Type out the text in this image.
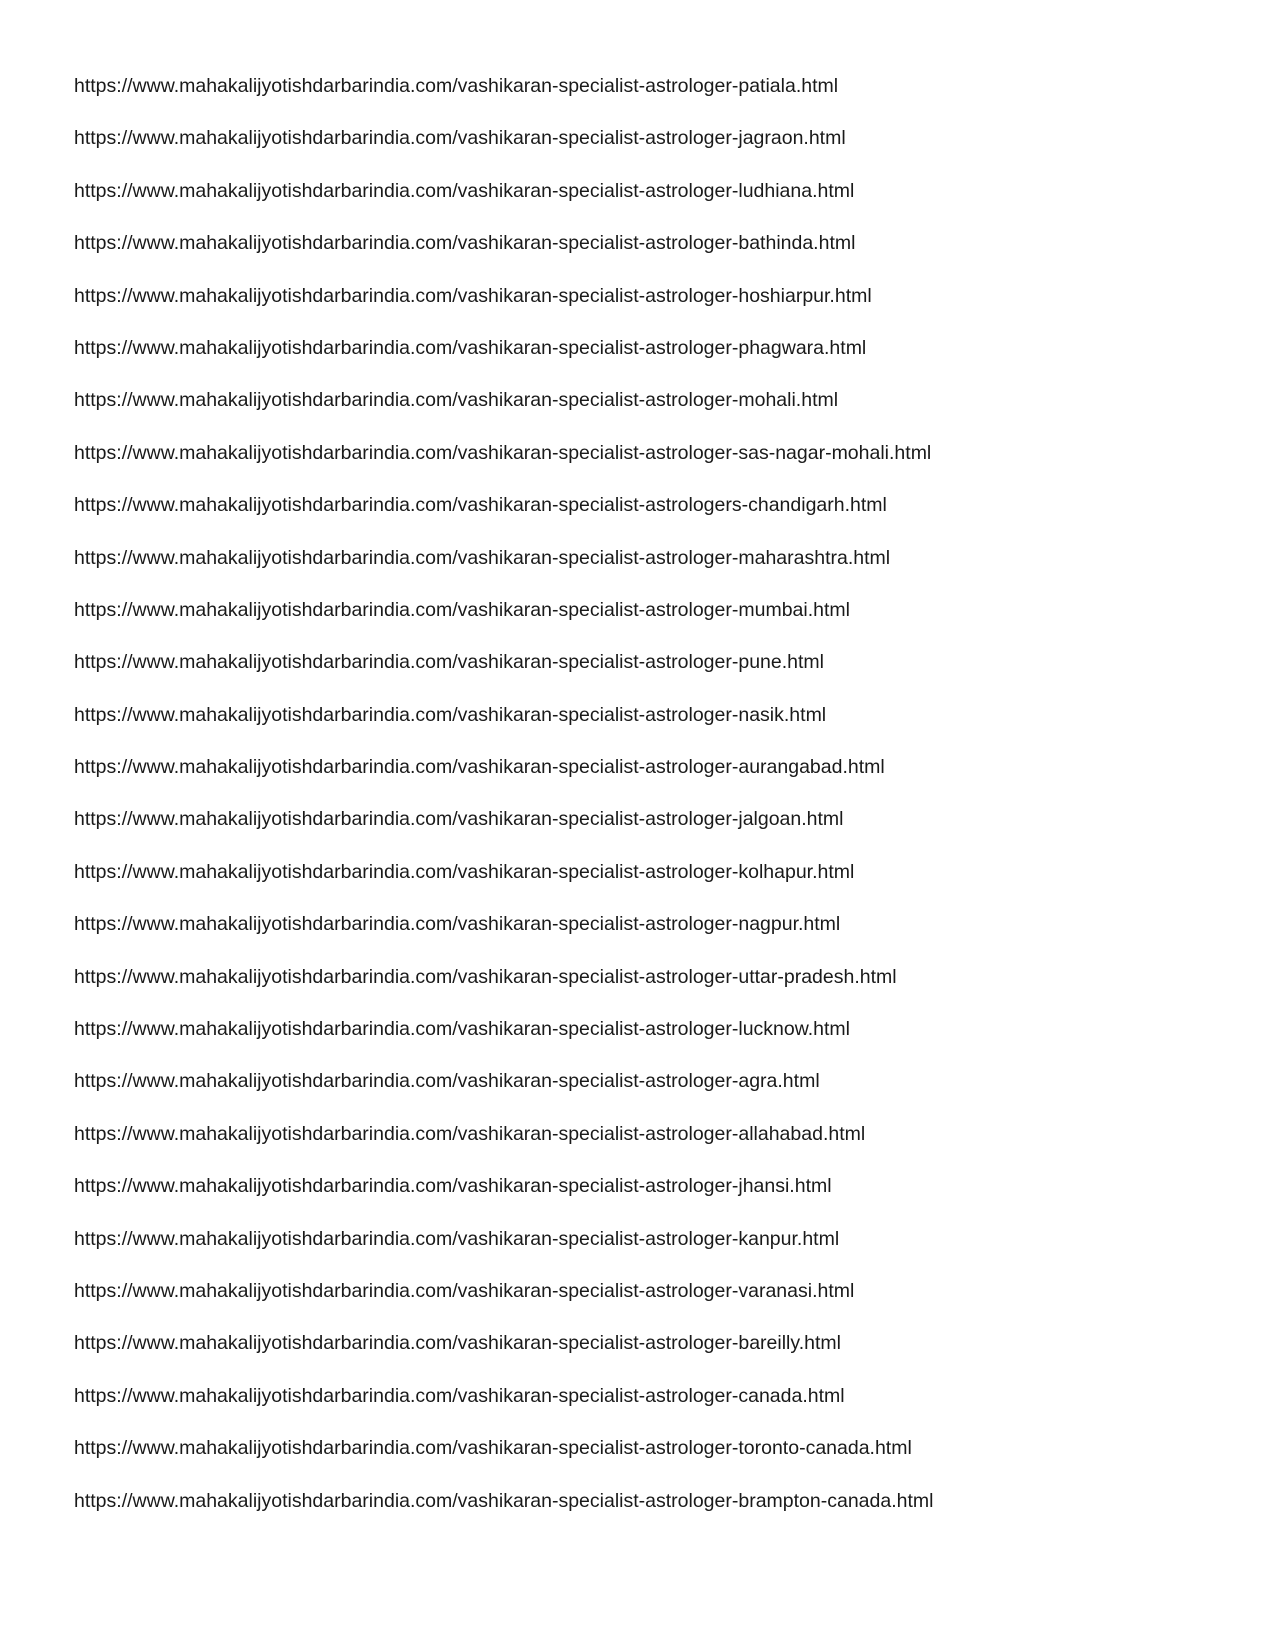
https://www.mahakalijyotishdarbarindia.com/vashikaran-specialist-astrologer-patiala.html
https://www.mahakalijyotishdarbarindia.com/vashikaran-specialist-astrologer-jagraon.html
https://www.mahakalijyotishdarbarindia.com/vashikaran-specialist-astrologer-ludhiana.html
https://www.mahakalijyotishdarbarindia.com/vashikaran-specialist-astrologer-bathinda.html
https://www.mahakalijyotishdarbarindia.com/vashikaran-specialist-astrologer-hoshiarpur.html
https://www.mahakalijyotishdarbarindia.com/vashikaran-specialist-astrologer-phagwara.html
https://www.mahakalijyotishdarbarindia.com/vashikaran-specialist-astrologer-mohali.html
https://www.mahakalijyotishdarbarindia.com/vashikaran-specialist-astrologer-sas-nagar-mohali.html
https://www.mahakalijyotishdarbarindia.com/vashikaran-specialist-astrologers-chandigarh.html
https://www.mahakalijyotishdarbarindia.com/vashikaran-specialist-astrologer-maharashtra.html
https://www.mahakalijyotishdarbarindia.com/vashikaran-specialist-astrologer-mumbai.html
https://www.mahakalijyotishdarbarindia.com/vashikaran-specialist-astrologer-pune.html
https://www.mahakalijyotishdarbarindia.com/vashikaran-specialist-astrologer-nasik.html
https://www.mahakalijyotishdarbarindia.com/vashikaran-specialist-astrologer-aurangabad.html
https://www.mahakalijyotishdarbarindia.com/vashikaran-specialist-astrologer-jalgoan.html
https://www.mahakalijyotishdarbarindia.com/vashikaran-specialist-astrologer-kolhapur.html
https://www.mahakalijyotishdarbarindia.com/vashikaran-specialist-astrologer-nagpur.html
https://www.mahakalijyotishdarbarindia.com/vashikaran-specialist-astrologer-uttar-pradesh.html
https://www.mahakalijyotishdarbarindia.com/vashikaran-specialist-astrologer-lucknow.html
https://www.mahakalijyotishdarbarindia.com/vashikaran-specialist-astrologer-agra.html
https://www.mahakalijyotishdarbarindia.com/vashikaran-specialist-astrologer-allahabad.html
https://www.mahakalijyotishdarbarindia.com/vashikaran-specialist-astrologer-jhansi.html
https://www.mahakalijyotishdarbarindia.com/vashikaran-specialist-astrologer-kanpur.html
https://www.mahakalijyotishdarbarindia.com/vashikaran-specialist-astrologer-varanasi.html
https://www.mahakalijyotishdarbarindia.com/vashikaran-specialist-astrologer-bareilly.html
https://www.mahakalijyotishdarbarindia.com/vashikaran-specialist-astrologer-canada.html
https://www.mahakalijyotishdarbarindia.com/vashikaran-specialist-astrologer-toronto-canada.html
https://www.mahakalijyotishdarbarindia.com/vashikaran-specialist-astrologer-brampton-canada.html
